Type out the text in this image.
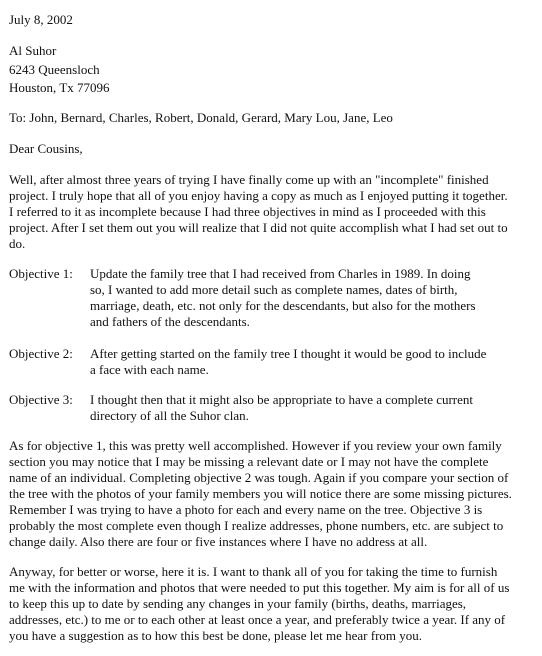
July 8, 2002
Al Suhor
6243 Queensloch
Houston, Tx 77096
To: John, Bernard, Charles, Robert, Donald, Gerard, Mary Lou, Jane, Leo
Dear Cousins,
Well, after almost three years of trying I have finally come up with an "incomplete" finished
project. I truly hope that all of you enjoy having a copy as much as I enjoyed putting it together.
I referred to it as incomplete because I had three objectives in mind as I proceeded with this
project. After I set them out you will realize that I did not quite accomplish what I had set out to
do.
Objective 1: Update the family tree that I had received from Charles in 1989. In doing
so, I wanted to add more detail such as complete names, dates of birth,
marriage, death, etc. not only for the descendants, but also for the mothers
and fathers of the descendants.
Objective 2: After getting started on the family tree I thought it would be good to include
a face with each name.
Objective 3: I thought then that it might also be appropriate to have a complete current
directory of all the Suhor clan.
As for objective 1, this was pretty well accomplished. However if you review your own family
section you may notice that I may be missing a relevant date or I may not have the complete
name of an individual. Completing objective 2 was tough. Again if you compare your section of
the tree with the photos of your family members you will notice there are some missing pictures.
Remember I was trying to have a photo for each and every name on the tree. Objective 3 is
probably the most complete even though I realize addresses, phone numbers, etc. are subject to
change daily. Also there are four or five instances where I have no address at all.
Anyway, for better or worse, here it is. I want to thank all of you for taking the time to furnish
me with the information and photos that were needed to put this together. My aim is for all of us
to keep this up to date by sending any changes in your family (births, deaths, marriages,
addresses, etc.) to me or to each other at least once a year, and preferably twice a year. If any of
you have a suggestion as to how this best be done, please let me hear from you.
